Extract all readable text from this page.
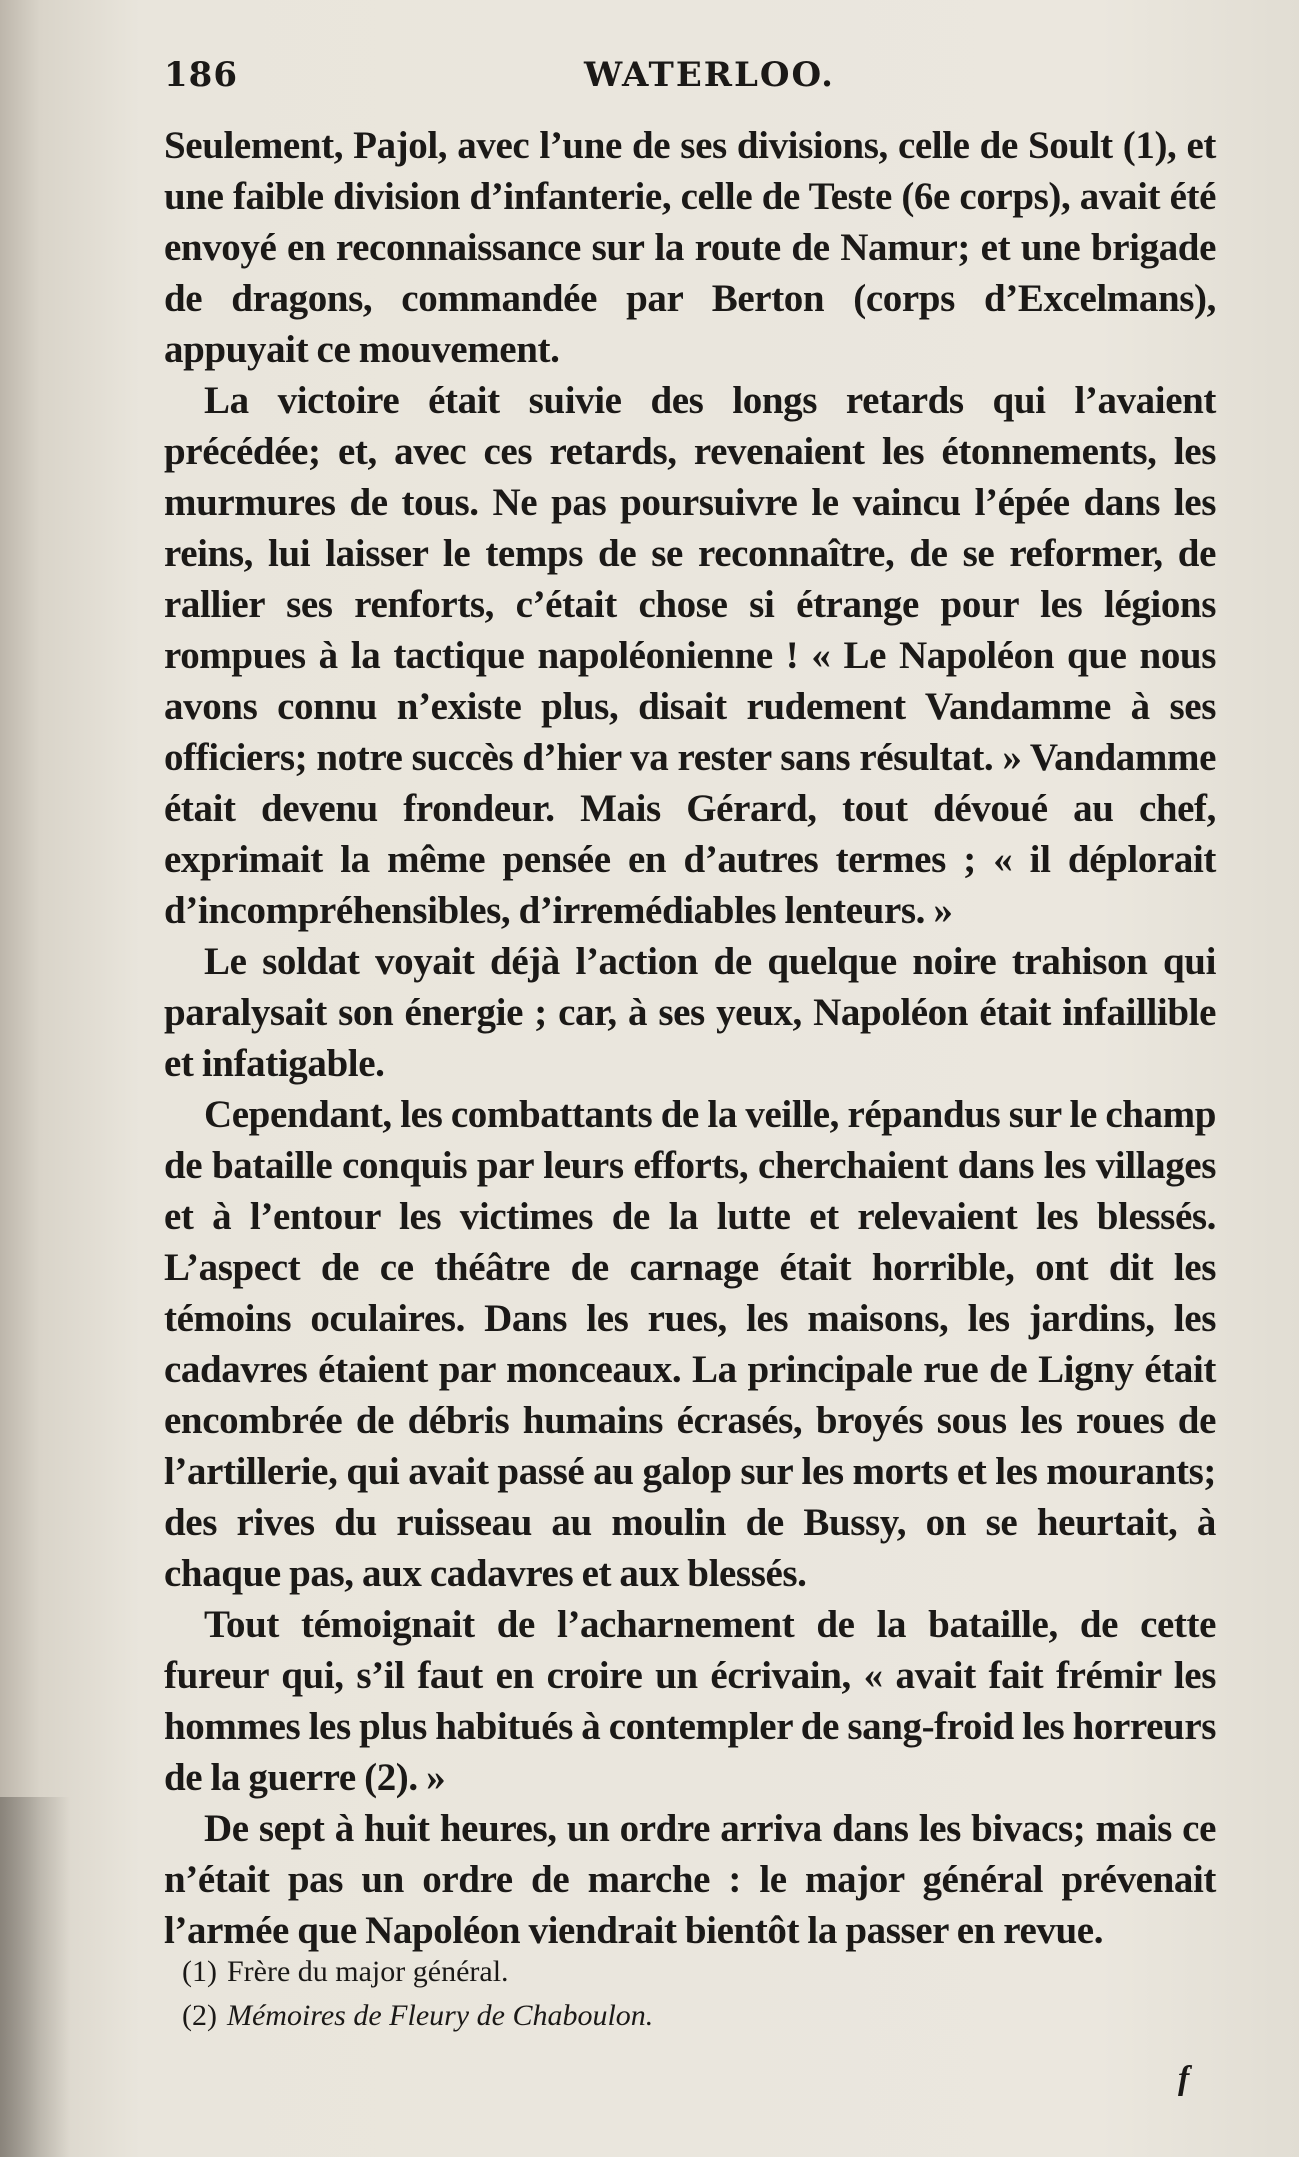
186	WATERLOO.

Seulement, Pajol, avec l’une de ses divisions, celle de Soult (1), et une faible division d’infanterie, celle de Teste (6e corps), avait été envoyé en reconnaissance sur la route de Namur; et une brigade de dragons, commandée par Berton (corps d’Excelmans), appuyait ce mouvement.

La victoire était suivie des longs retards qui l’avaient précédée; et, avec ces retards, revenaient les étonnements, les murmures de tous. Ne pas poursuivre le vaincu l’épée dans les reins, lui laisser le temps de se reconnaître, de se reformer, de rallier ses renforts, c’était chose si étrange pour les légions rompues à la tactique napoléonienne ! « Le Napoléon que nous avons connu n’existe plus, disait rudement Vandamme à ses officiers; notre succès d’hier va rester sans résultat. » Vandamme était devenu frondeur. Mais Gérard, tout dévoué au chef, exprimait la même pensée en d’autres termes ; « il déplorait d’incompréhensibles, d’irremédiables lenteurs. »

Le soldat voyait déjà l’action de quelque noire trahison qui paralysait son énergie ; car, à ses yeux, Napoléon était infaillible et infatigable.

Cependant, les combattants de la veille, répandus sur le champ de bataille conquis par leurs efforts, cherchaient dans les villages et à l’entour les victimes de la lutte et relevaient les blessés. L’aspect de ce théâtre de carnage était horrible, ont dit les témoins oculaires. Dans les rues, les maisons, les jardins, les cadavres étaient par monceaux. La principale rue de Ligny était encombrée de débris humains écrasés, broyés sous les roues de l’artillerie, qui avait passé au galop sur les morts et les mourants; des rives du ruisseau au moulin de Bussy, on se heurtait, à chaque pas, aux cadavres et aux blessés.

Tout témoignait de l’acharnement de la bataille, de cette fureur qui, s’il faut en croire un écrivain, « avait fait frémir les hommes les plus habitués à contempler de sang-froid les horreurs de la guerre (2). »

De sept à huit heures, un ordre arriva dans les bivacs; mais ce n’était pas un ordre de marche : le major général prévenait l’armée que Napoléon viendrait bientôt la passer en revue.

(1) Frère du major général.

(2) Mémoires de Fleury de Chaboulon.

f
